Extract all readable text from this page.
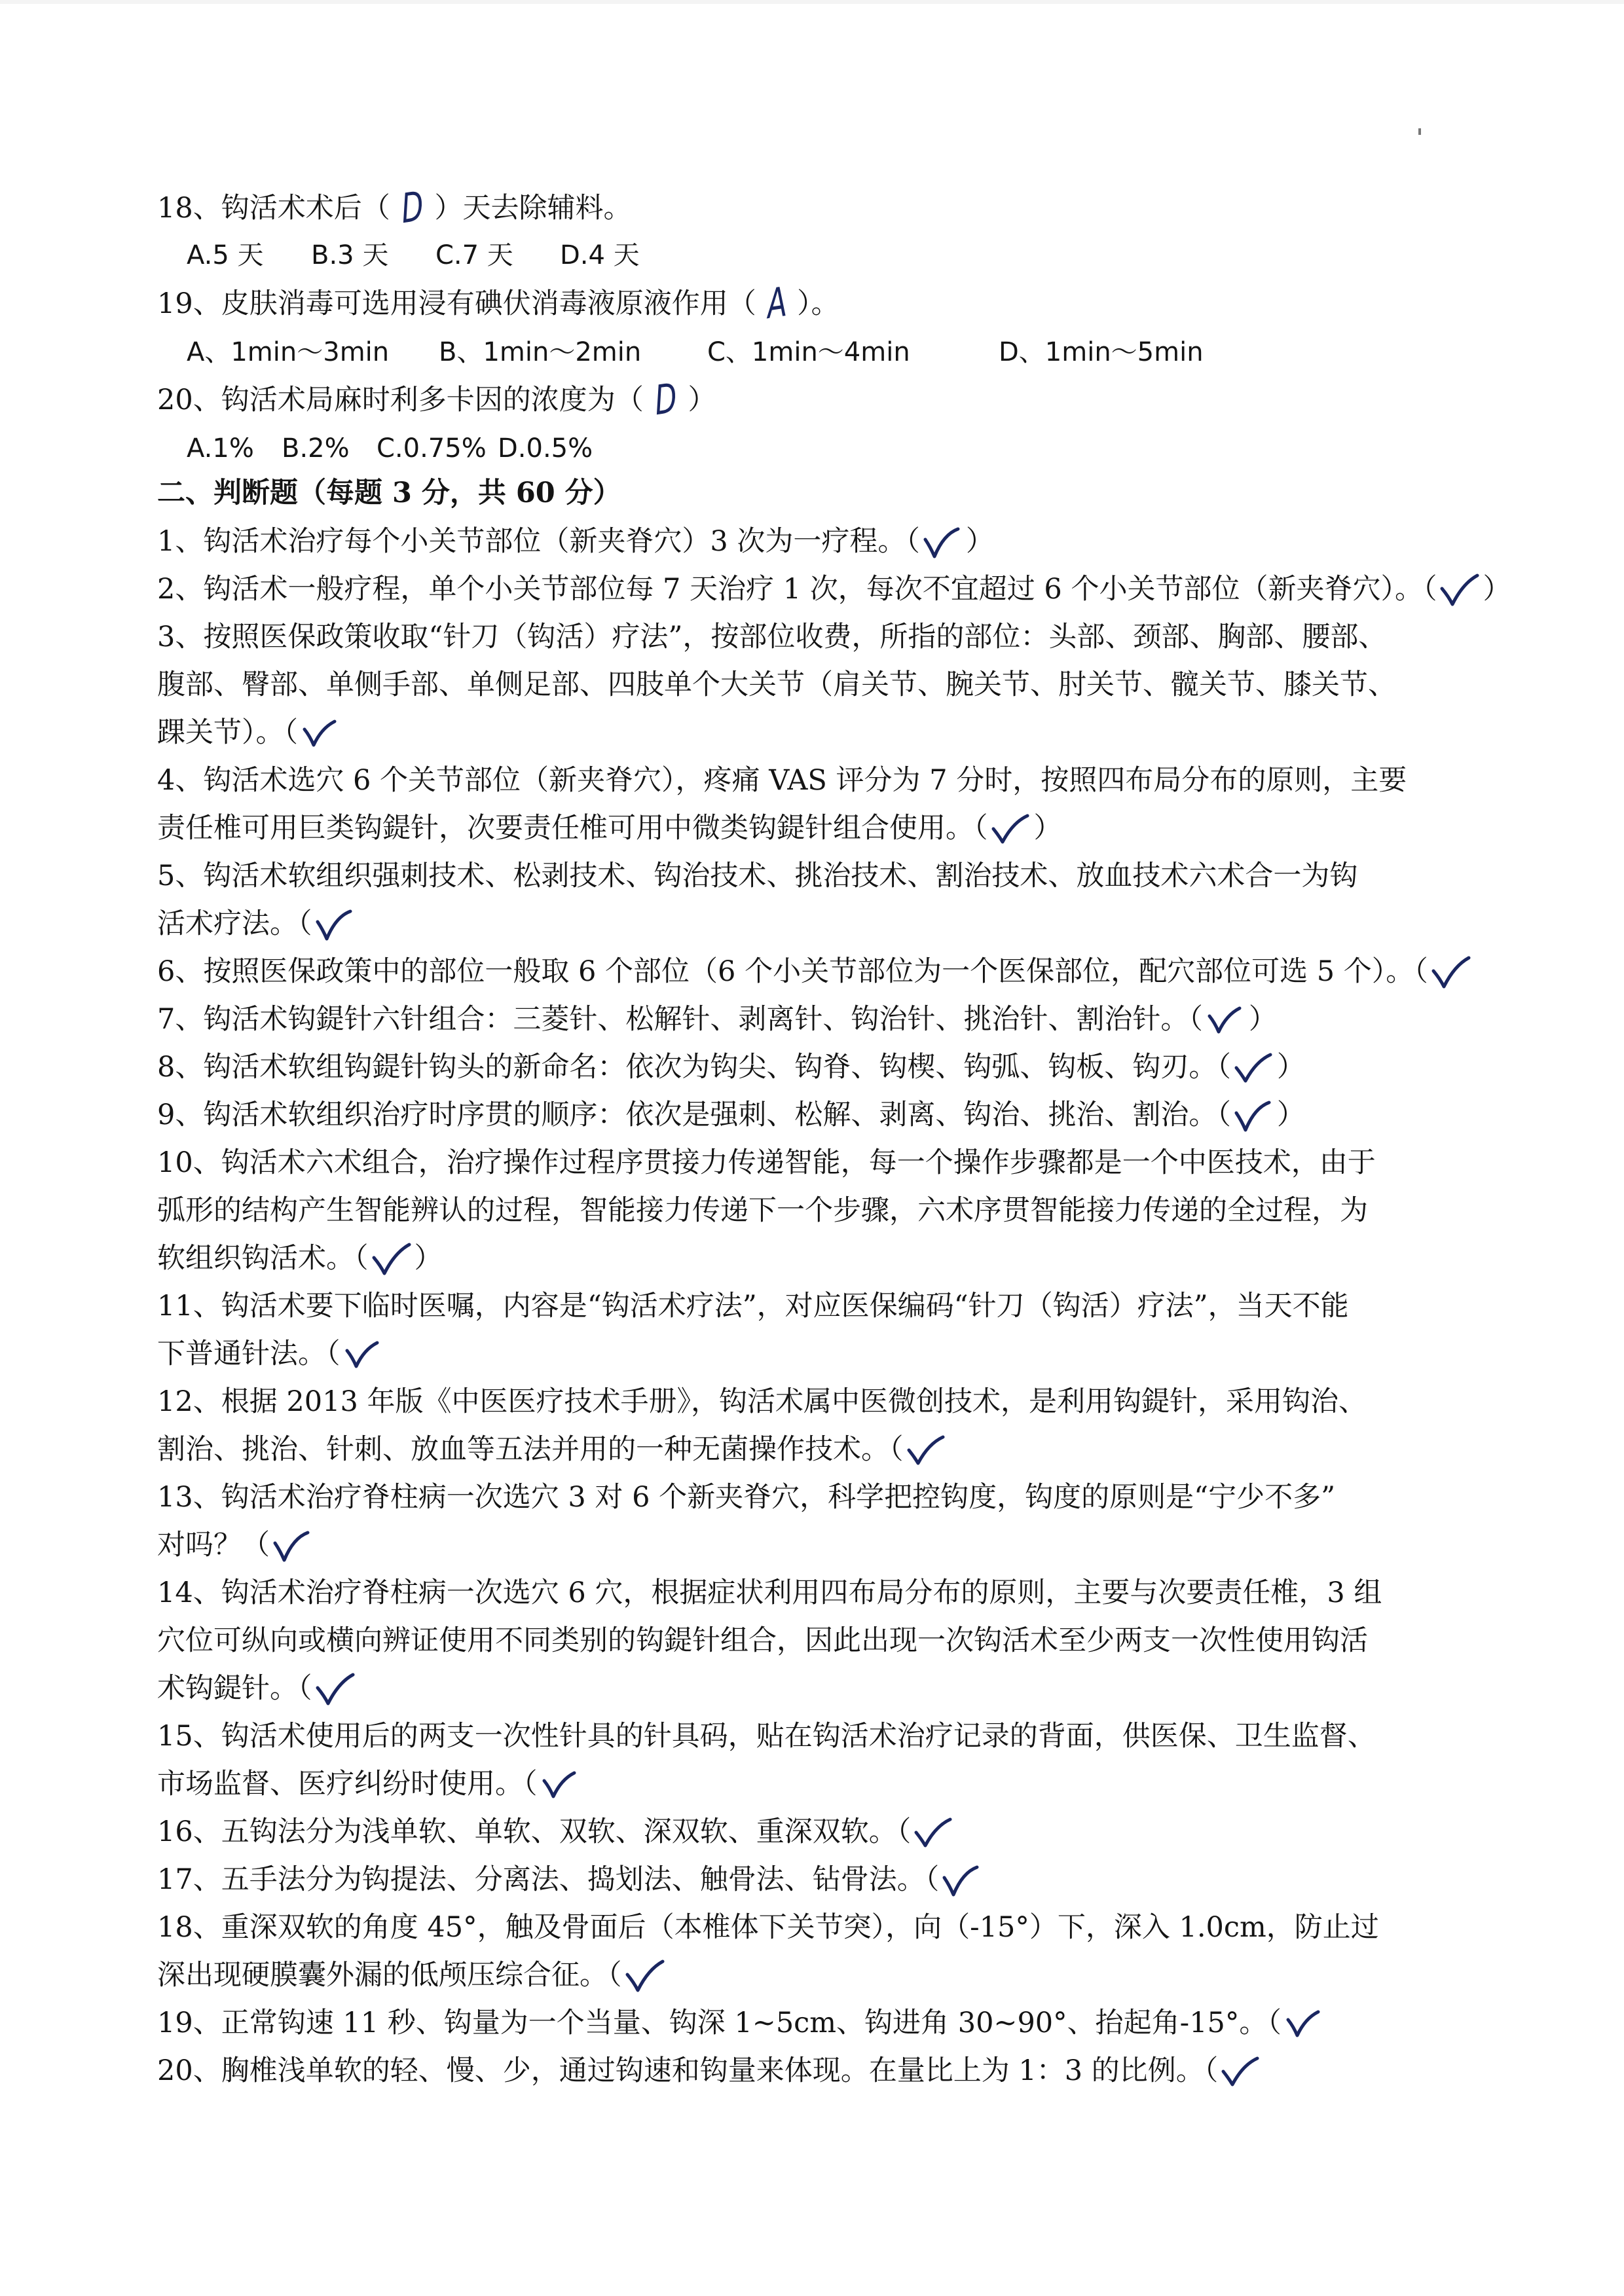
18、钩活术术后（ D ）天去除辅料。
A.5 天 B.3 天 C.7 天 D.4 天
19、皮肤消毒可选用浸有碘伏消毒液原液作用（ A ）。
A、1min～3min B、1min～2min	C、1min～4min	D、1min～5min
20、钩活术局麻时利多卡因的浓度为（ D ）
A.1% B.2% C.0.75% D.0.5%
二、判断题（每题 3 分，共 60 分）
1、钩活术治疗每个小关节部位（新夹脊穴）3 次为一疗程。（ ）
2、钩活术一般疗程，单个小关节部位每 7 天治疗 1 次，每次不宜超过 6 个小关节部位（新夹脊穴）。（ ）
3、按照医保政策收取“针刀（钩活）疗法”，按部位收费，所指的部位：头部、颈部、胸部、腰部、
腹部、臀部、单侧手部、单侧足部、四肢单个大关节（肩关节、腕关节、肘关节、髋关节、膝关节、
踝关节）。（
4、钩活术选穴 6 个关节部位（新夹脊穴），疼痛 VAS 评分为 7 分时，按照四布局分布的原则，主要
责任椎可用巨类钩鍉针，次要责任椎可用中微类钩鍉针组合使用。（ ）
5、钩活术软组织强刺技术、松剥技术、钩治技术、挑治技术、割治技术、放血技术六术合一为钩
活术疗法。（
6、按照医保政策中的部位一般取 6 个部位（6 个小关节部位为一个医保部位，配穴部位可选 5 个）。（
7、钩活术钩鍉针六针组合：三菱针、松解针、剥离针、钩治针、挑治针、割治针。（ ）
8、钩活术软组钩鍉针钩头的新命名：依次为钩尖、钩脊、钩楔、钩弧、钩板、钩刃。（ ）
9、钩活术软组织治疗时序贯的顺序：依次是强刺、松解、剥离、钩治、挑治、割治。（ ）
10、钩活术六术组合，治疗操作过程序贯接力传递智能，每一个操作步骤都是一个中医技术，由于
弧形的结构产生智能辨认的过程，智能接力传递下一个步骤，六术序贯智能接力传递的全过程，为
软组织钩活术。（ ）
11、钩活术要下临时医嘱，内容是“钩活术疗法”，对应医保编码“针刀（钩活）疗法”，当天不能
下普通针法。（
12、根据 2013 年版《中医医疗技术手册》，钩活术属中医微创技术，是利用钩鍉针，采用钩治、
割治、挑治、针刺、放血等五法并用的一种无菌操作技术。（
13、钩活术治疗脊柱病一次选穴 3 对 6 个新夹脊穴，科学把控钩度，钩度的原则是“宁少不多”
对吗？（
14、钩活术治疗脊柱病一次选穴 6 穴，根据症状利用四布局分布的原则，主要与次要责任椎，3 组
穴位可纵向或横向辨证使用不同类别的钩鍉针组合，因此出现一次钩活术至少两支一次性使用钩活
术钩鍉针。（
15、钩活术使用后的两支一次性针具的针具码，贴在钩活术治疗记录的背面，供医保、卫生监督、
市场监督、医疗纠纷时使用。（
16、五钩法分为浅单软、单软、双软、深双软、重深双软。（
17、五手法分为钩提法、分离法、捣划法、触骨法、钻骨法。（
18、重深双软的角度 45°，触及骨面后（本椎体下关节突），向（-15°）下，深入 1.0cm，防止过
深出现硬膜囊外漏的低颅压综合征。（
19、正常钩速 11 秒、钩量为一个当量、钩深 1~5cm、钩进角 30~90°、抬起角-15°。（
20、胸椎浅单软的轻、慢、少，通过钩速和钩量来体现。在量比上为 1：3 的比例。（
